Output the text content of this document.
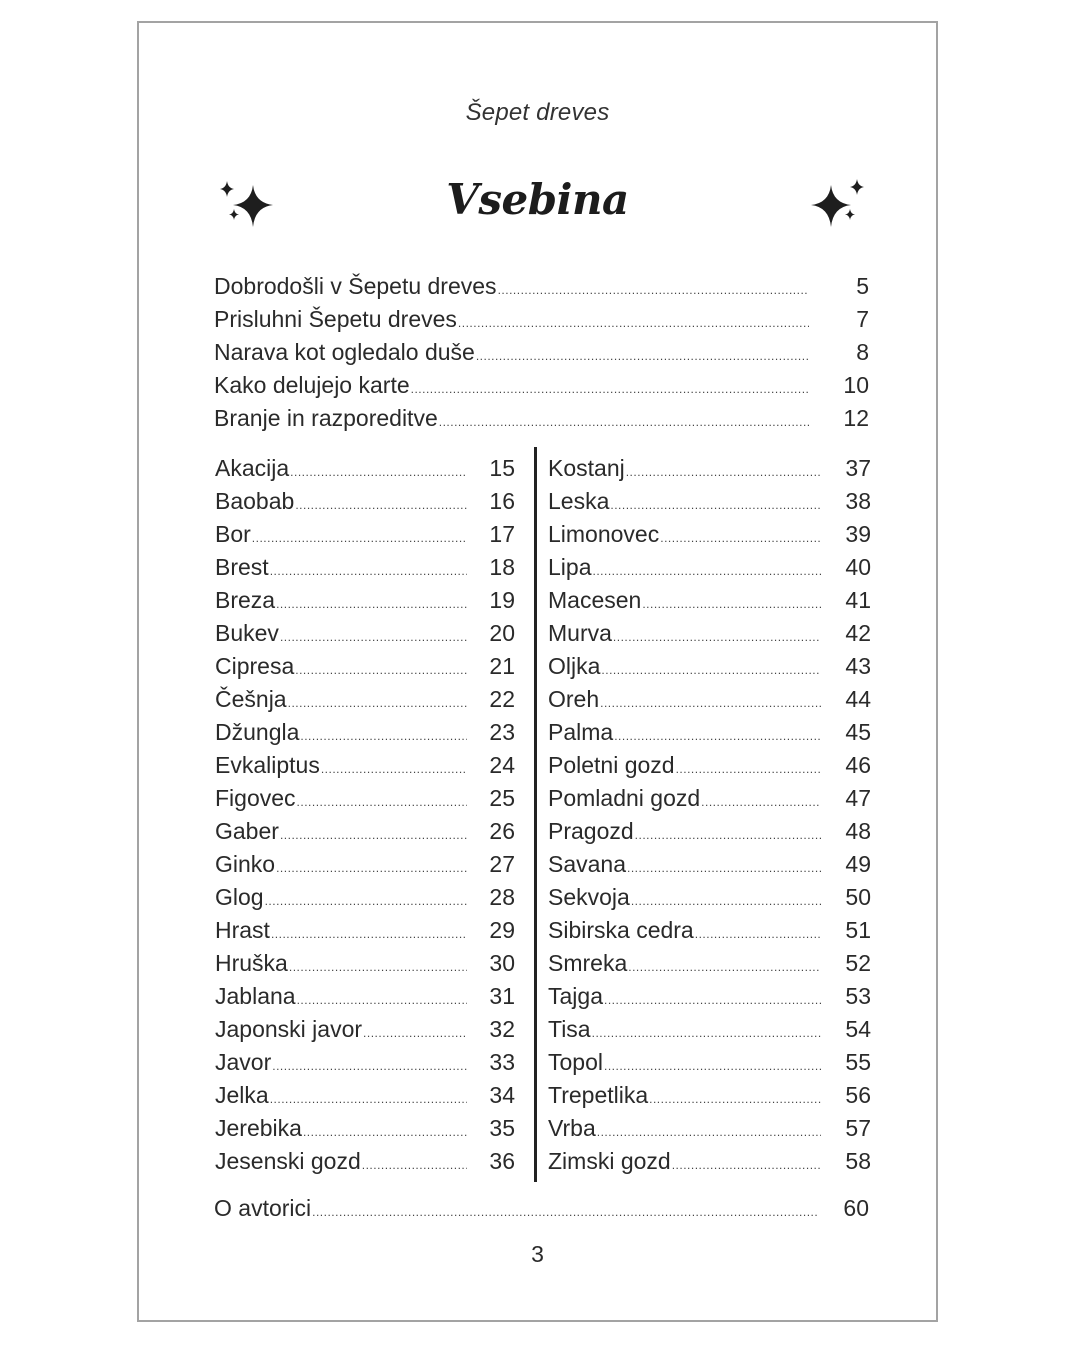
Šepet dreves
Vsebina
Dobrodošli v Šepetu dreves .....	5
Prisluhni Šepetu dreves .....	7
Narava kot ogledalo duše .....	8
Kako delujejo karte .....	10
Branje in razporeditve .....	12
Akacija .....	15
Baobab .....	16
Bor .....	17
Brest .....	18
Breza .....	19
Bukev .....	20
Cipresa .....	21
Češnja .....	22
Džungla .....	23
Evkaliptus .....	24
Figovec .....	25
Gaber .....	26
Ginko .....	27
Glog .....	28
Hrast .....	29
Hruška .....	30
Jablana .....	31
Japonski javor .....	32
Javor .....	33
Jelka .....	34
Jerebika .....	35
Jesenski gozd .....	36
Kostanj .....	37
Leska .....	38
Limonovec .....	39
Lipa .....	40
Macesen .....	41
Murva .....	42
Oljka .....	43
Oreh .....	44
Palma .....	45
Poletni gozd .....	46
Pomladni gozd .....	47
Pragozd .....	48
Savana .....	49
Sekvoja .....	50
Sibirska cedra .....	51
Smreka .....	52
Tajga .....	53
Tisa .....	54
Topol .....	55
Trepetlika .....	56
Vrba .....	57
Zimski gozd .....	58
O avtorici .....	60
3
